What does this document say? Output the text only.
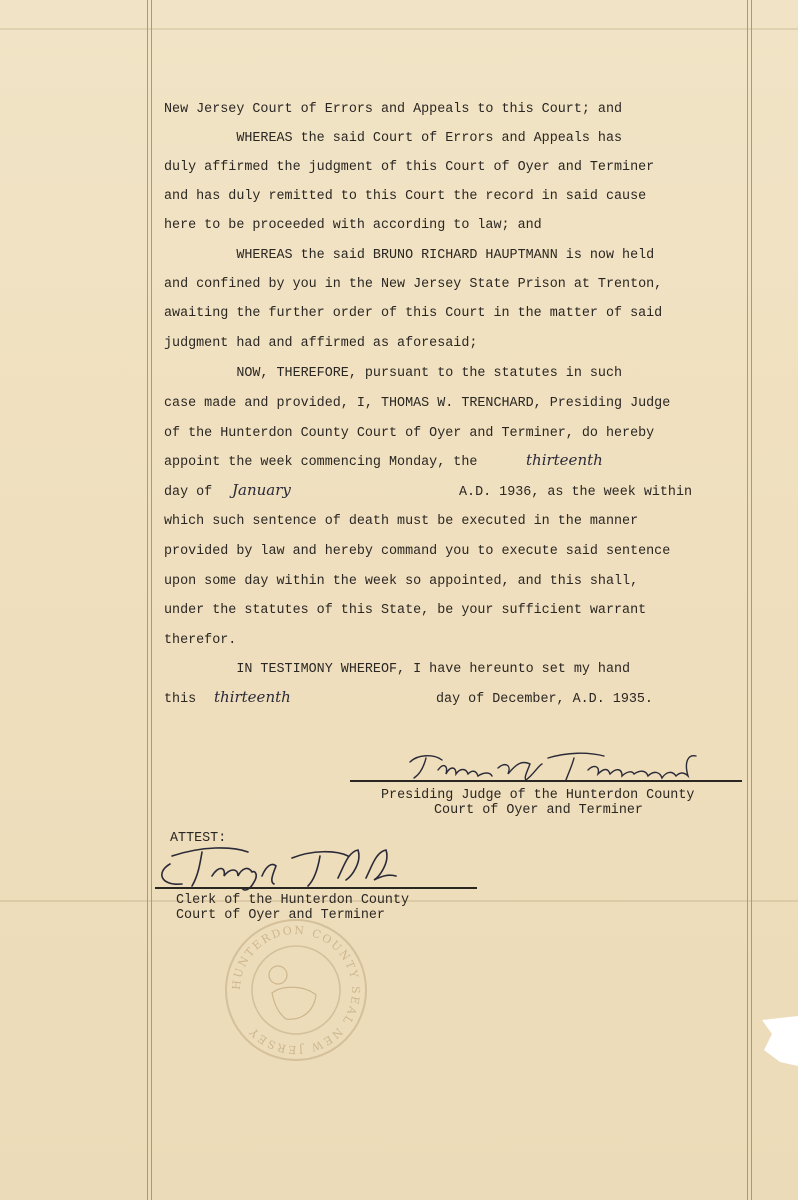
New Jersey Court of Errors and Appeals to this Court; and
WHEREAS the said Court of Errors and Appeals has
duly affirmed the judgment of this Court of Oyer and Terminer
and has duly remitted to this Court the record in said cause
here to be proceeded with according to law; and
WHEREAS the said BRUNO RICHARD HAUPTMANN is now held
and confined by you in the New Jersey State Prison at Trenton,
awaiting the further order of this Court in the matter of said
judgment had and affirmed as aforesaid;
NOW, THEREFORE, pursuant to the statutes in such
case made and provided, I, THOMAS W. TRENCHARD, Presiding Judge
of the Hunterdon County Court of Oyer and Terminer, do hereby
appoint the week commencing Monday, the	thirteenth
day of January	A.D. 1936, as the week within
which such sentence of death must be executed in the manner
provided by law and hereby command you to execute said sentence
upon some day within the week so appointed, and this shall,
under the statutes of this State, be your sufficient warrant
therefor.
IN TESTIMONY WHEREOF, I have hereunto set my hand
this thirteenth	day of December, A.D. 1935.
Presiding Judge of the Hunterdon County
Court of Oyer and Terminer
ATTEST:
Clerk of the Hunterdon County
Court of Oyer and Terminer
HUNTERDON COUNTY SEAL NEW JERSEY
